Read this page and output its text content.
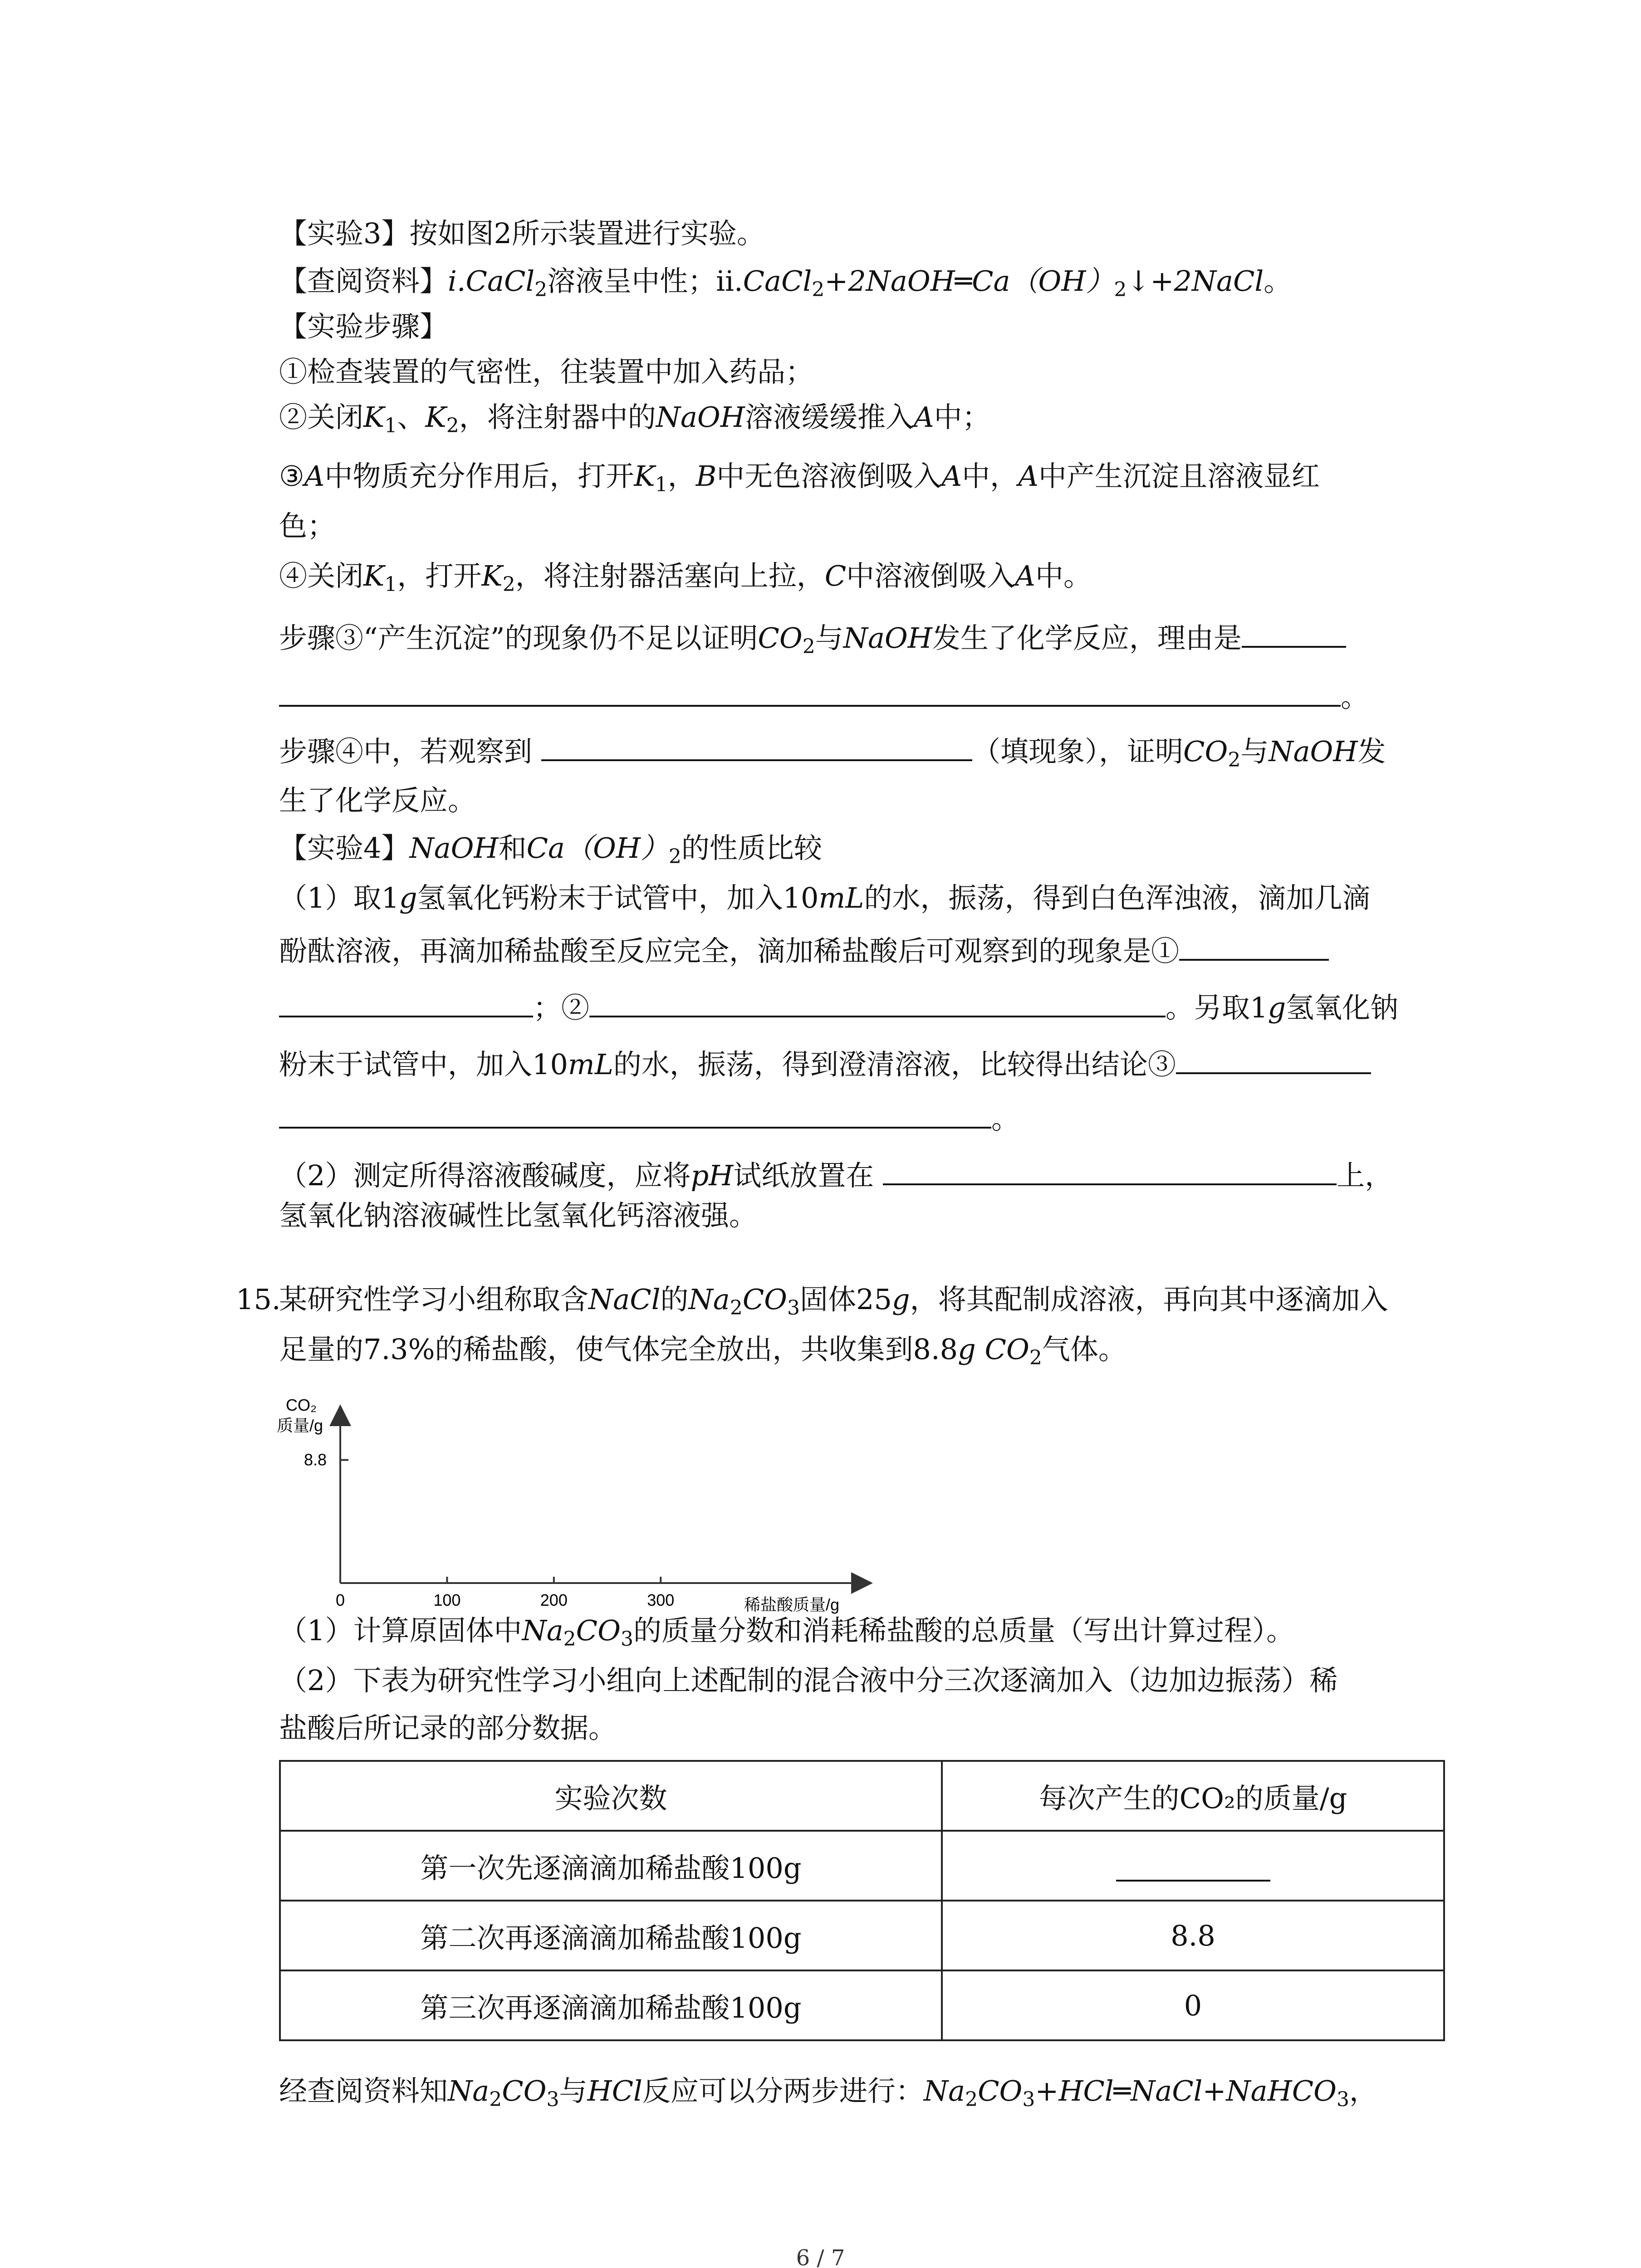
【实验3】按如图2所示装置进行实验。
【查阅资料】i.CaCl$_2$溶液呈中性；$ⅱ.CaCl_2+2NaOH═Ca(OH)_2↓+2NaCl$。
【实验步骤】
①检查装置的气密性，往装置中加入药品；
②关闭$K_1$、$K_2$，将注射器中的NaOH溶液缓缓推入A中；
③A中物质充分作用后，打开$K_1$，B中无色溶液倒吸入A中，A中产生沉淀且溶液显红
色；
④关闭$K_1$，打开$K_2$，将注射器活塞向上拉，C中溶液倒吸入A中。
步骤③“产生沉淀”的现象仍不足以证明$CO_2$与NaOH发生了化学反应，理由是
。
步骤④中，若观察到	（填现象），证明$CO_2$与NaOH发
生了化学反应。
【实验4】NaOH和$Ca(OH)_2$的性质比较
（1）取1g氢氧化钙粉末于试管中，加入10mL的水，振荡，得到白色浑浊液，滴加几滴
酚酞溶液，再滴加稀盐酸至反应完全，滴加稀盐酸后可观察到的现象是①
；②	。另取1g氢氧化钠
粉末于试管中，加入10mL的水，振荡，得到澄清溶液，比较得出结论③
。
（2）测定所得溶液酸碱度，应将pH试纸放置在	上，
氢氧化钠溶液碱性比氢氧化钙溶液强。
15.某研究性学习小组称取含NaCl的$Na_2CO_3$固体25g，将其配制成溶液，再向其中逐滴加入
足量的7.3%的稀盐酸，使气体完全放出，共收集到8.8g $CO_2$气体。
CO₂
质量/g
8.8
0	100	200	300	稀盐酸质量/g
（1）计算原固体中$Na_2CO_3$的质量分数和消耗稀盐酸的总质量（写出计算过程）。
（2）下表为研究性学习小组向上述配制的混合液中分三次逐滴加入（边加边振荡）稀
盐酸后所记录的部分数据。
实验次数	每次产生的CO₂的质量/g
第一次先逐滴滴加稀盐酸100g	
第二次再逐滴滴加稀盐酸100g	8.8
第三次再逐滴滴加稀盐酸100g	0
经查阅资料知$Na_2CO_3$与HCl反应可以分两步进行：$Na_2CO_3+HCl═NaCl+NaHCO_3$，
6 / 7
